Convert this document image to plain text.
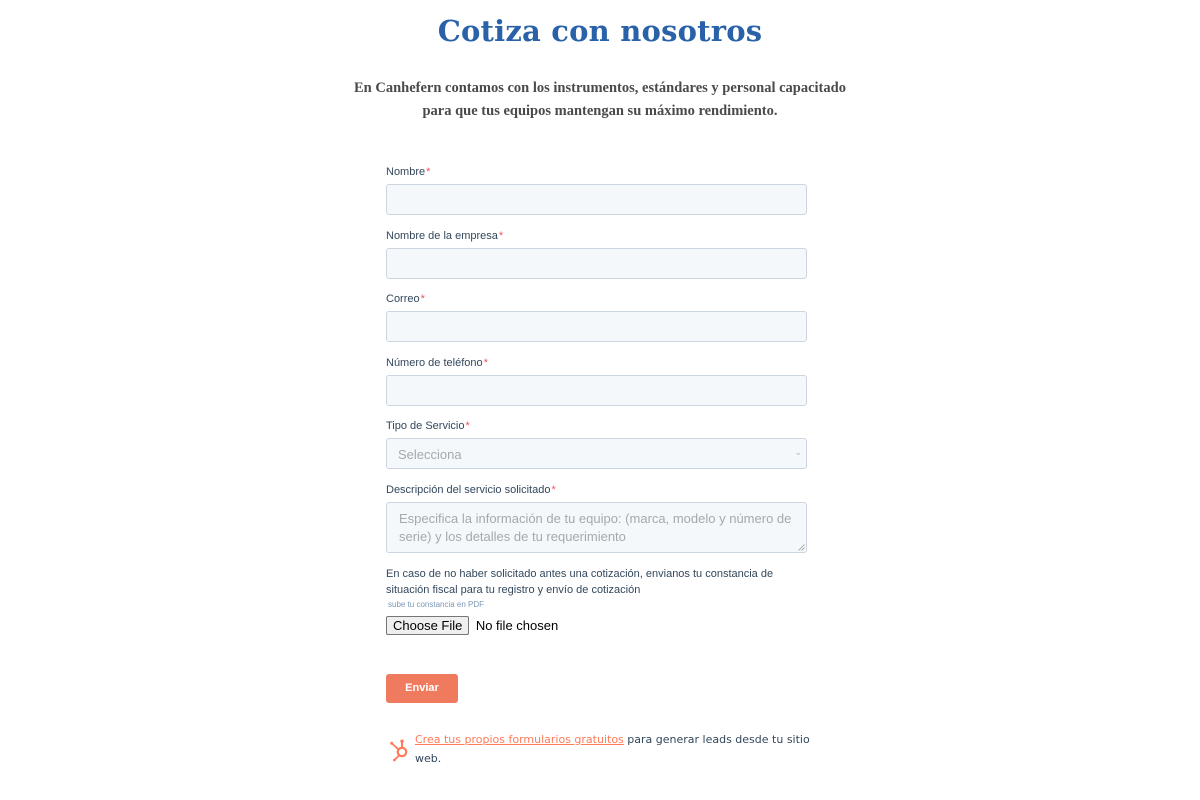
Cotiza con nosotros
En Canhefern contamos con los instrumentos, estándares y personal capacitado para que tus equipos mantengan su máximo rendimiento.
Nombre*
Nombre de la empresa*
Correo*
Número de teléfono*
Tipo de Servicio*
Selecciona	⌄
Descripción del servicio solicitado*
Especifica la información de tu equipo: (marca, modelo y número de serie) y los detalles de tu requerimiento
En caso de no haber solicitado antes una cotización, envianos tu constancia de situación fiscal para tu registro y envío de cotización
sube tu constancia en PDF
Choose File No file chosen
Enviar
Crea tus propios formularios gratuitos para generar leads desde tu sitio web.
